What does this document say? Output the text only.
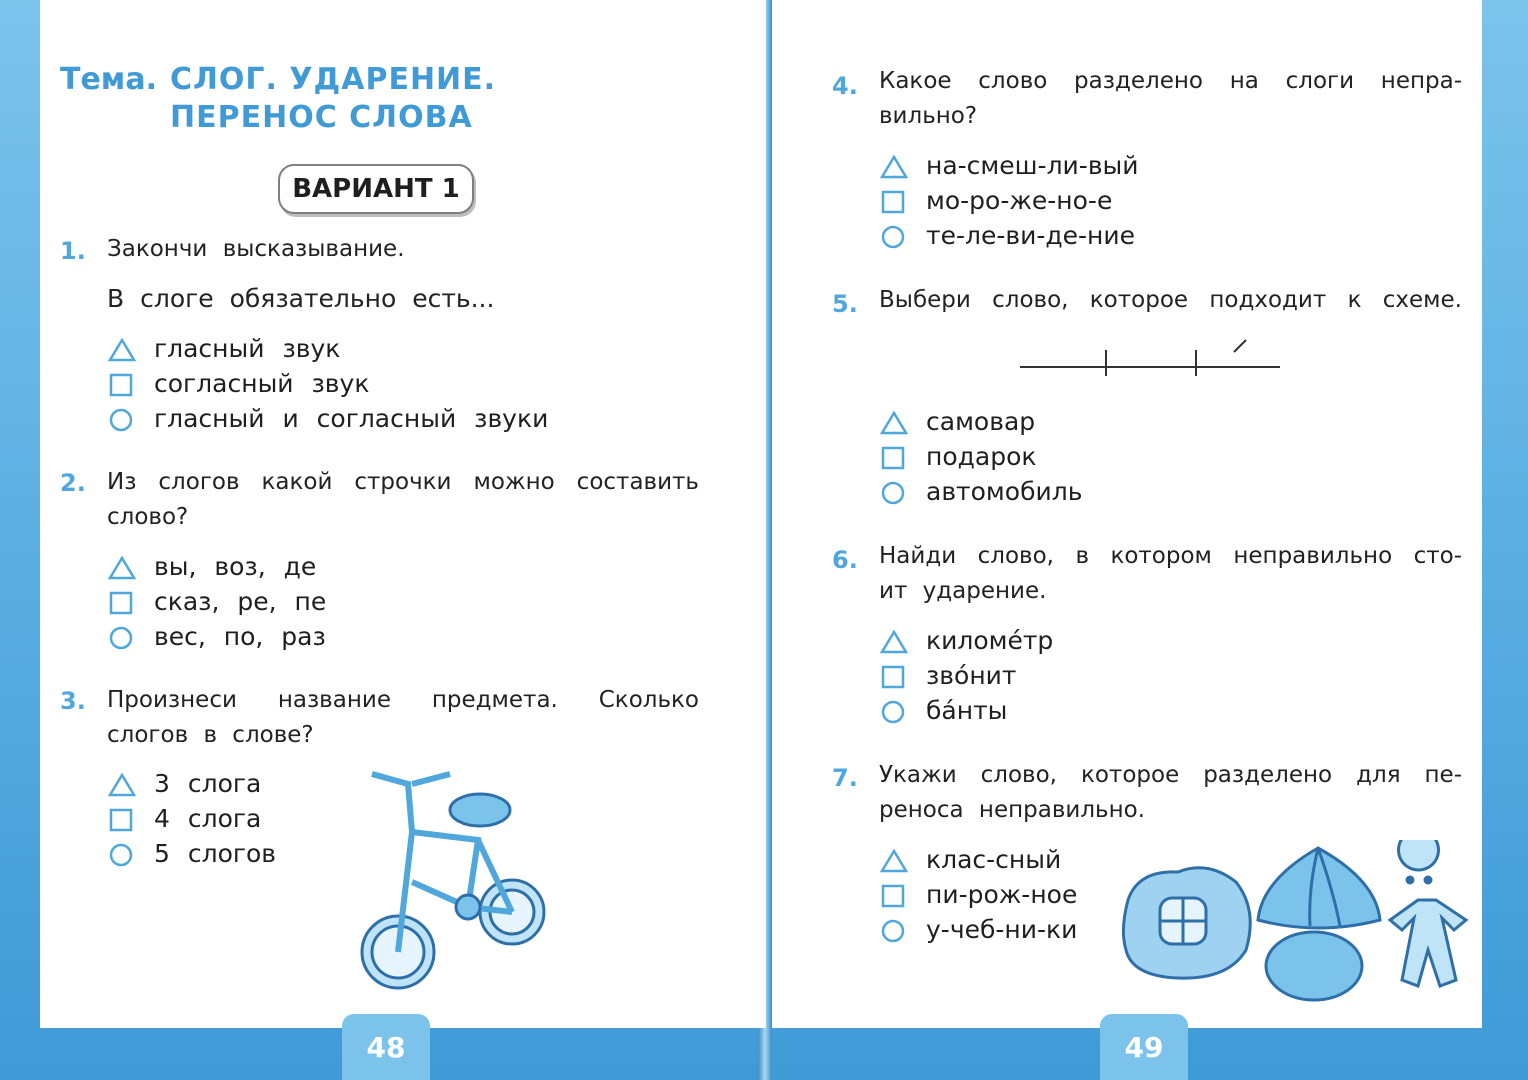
48	49
Тема. СЛОГ. УДАРЕНИЕ.
ПЕРЕНОС СЛОВА
ВАРИАНТ 1
1. Закончи высказывание.
В слоге обязательно есть...
гласный звук
согласный звук
гласный и согласный звуки
2. Из слогов какой строчки можно составить
слово?
вы, воз, де
сказ, ре, пе
вес, по, раз
3. Произнеси название предмета. Сколько
слогов в слове?
3 слога
4 слога
5 слогов
4. Какое слово разделено на слоги непра-
вильно?
на-смеш-ли-вый
мо-ро-же-но-е
те-ле-ви-де-ние
5. Выбери слово, которое подходит к схеме.
самовар
подарок
автомобиль
6. Найди слово, в котором неправильно сто-
ит ударение.
киломе́тр
зво́нит
ба́нты
7. Укажи слово, которое разделено для пе-
реноса неправильно.
клас-сный
пи-рож-ное
у-чеб-ни-ки
